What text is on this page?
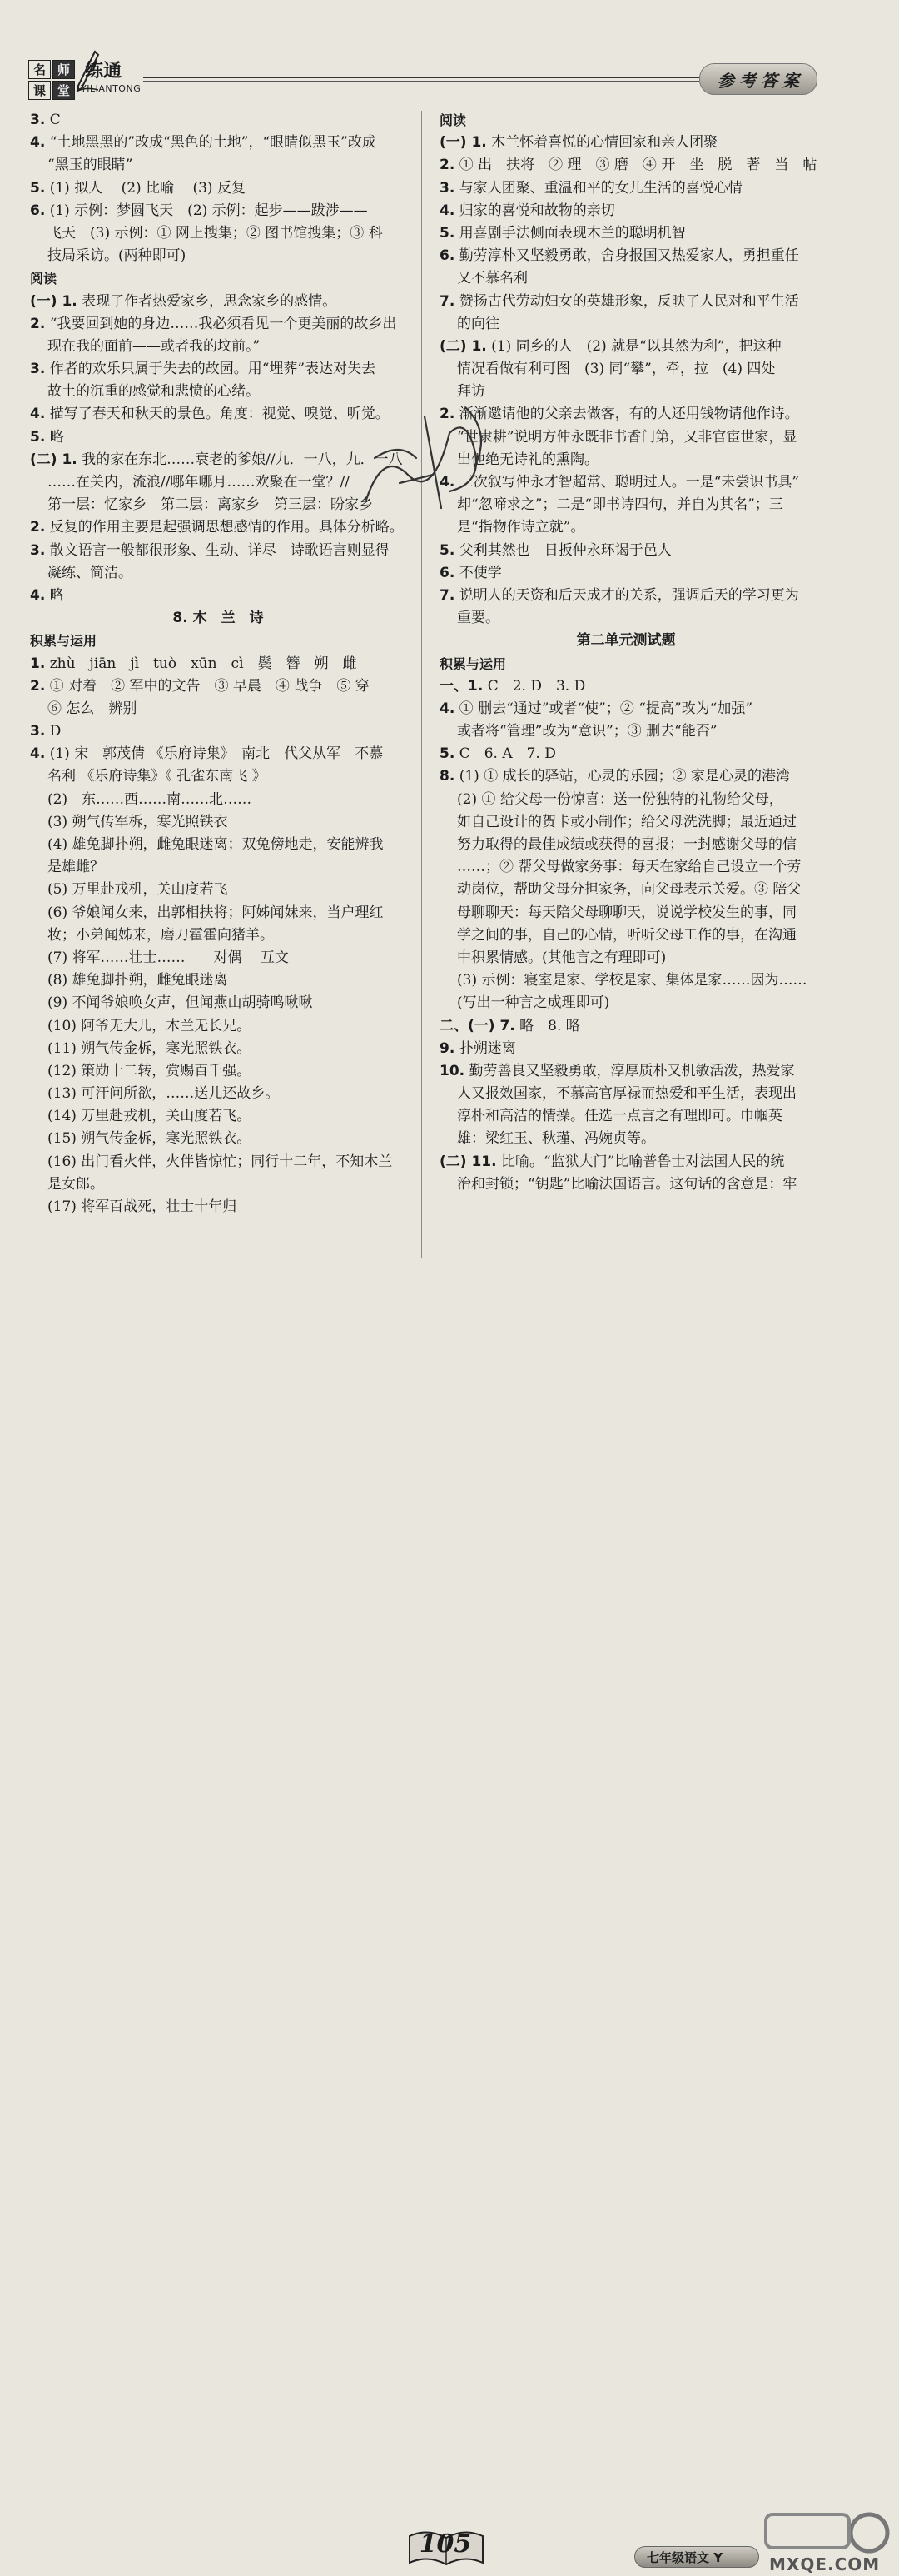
名 师
课 堂
练通
YILIANTONG	参 考 答 案
3. C
4. “土地黑黑的”改成“黑色的土地”，“眼睛似黑玉”改成
“黑玉的眼睛”
5. (1) 拟人　 (2) 比喻　 (3) 反复
6. (1) 示例：梦圆飞天　(2) 示例：起步——跋涉——
飞天　(3) 示例：① 网上搜集；② 图书馆搜集；③ 科
技局采访。(两种即可)
阅读
(一) 1. 表现了作者热爱家乡，思念家乡的感情。
2. “我要回到她的身边……我必须看见一个更美丽的故乡出
现在我的面前——或者我的坟前。”
3. 作者的欢乐只属于失去的故园。用“埋葬”表达对失去
故土的沉重的感觉和悲愤的心绪。
4. 描写了春天和秋天的景色。角度：视觉、嗅觉、听觉。
5. 略
(二) 1. 我的家在东北……衰老的爹娘//九．一八，九．一八
……在关内，流浪//哪年哪月……欢聚在一堂？//
第一层：忆家乡　第二层：离家乡　第三层：盼家乡
2. 反复的作用主要是起强调思想感情的作用。具体分析略。
3. 散文语言一般都很形象、生动、详尽　诗歌语言则显得
凝练、简洁。
4. 略
8. 木　兰　诗
积累与运用
1. zhù　jiān　jì　tuò　xūn　cì　鬓　簪　朔　雌
2. ① 对着　② 军中的文告　③ 早晨　④ 战争　⑤ 穿
⑥ 怎么　辨别
3. D
4. (1) 宋　郭茂倩 《乐府诗集》　南北　代父从军　不慕
名利 《乐府诗集》《 孔雀东南飞 》
(2)　东……西……南……北……
(3) 朔气传军柝，寒光照铁衣
(4) 雄兔脚扑朔，雌兔眼迷离；双兔傍地走，安能辨我
是雄雌？
(5) 万里赴戎机，关山度若飞
(6) 爷娘闻女来，出郭相扶将；阿姊闻妹来，当户理红
妆；小弟闻姊来，磨刀霍霍向猪羊。
(7) 将军……壮士……　　对偶　 互文
(8) 雄兔脚扑朔，雌兔眼迷离
(9) 不闻爷娘唤女声，但闻燕山胡骑鸣啾啾
(10) 阿爷无大儿，木兰无长兄。
(11) 朔气传金柝，寒光照铁衣。
(12) 策勋十二转，赏赐百千强。
(13) 可汗问所欲，……送儿还故乡。
(14) 万里赴戎机，关山度若飞。
(15) 朔气传金柝，寒光照铁衣。
(16) 出门看火伴，火伴皆惊忙；同行十二年，不知木兰
是女郎。
(17) 将军百战死，壮士十年归
阅读
(一) 1. 木兰怀着喜悦的心情回家和亲人团聚
2. ① 出　扶将　② 理　③ 磨　④ 开　坐　脱　著　当　帖
3. 与家人团聚、重温和平的女儿生活的喜悦心情
4. 归家的喜悦和故物的亲切
5. 用喜剧手法侧面表现木兰的聪明机智
6. 勤劳淳朴又坚毅勇敢，舍身报国又热爱家人，勇担重任
又不慕名利
7. 赞扬古代劳动妇女的英雄形象，反映了人民对和平生活
的向往
(二) 1. (1) 同乡的人　(2) 就是“以其然为利”，把这种
情况看做有利可图　(3) 同“攀”，牵，拉　(4) 四处
拜访
2. 渐渐邀请他的父亲去做客，有的人还用钱物请他作诗。
“世隶耕”说明方仲永既非书香门第，又非官宦世家，显
出他绝无诗礼的熏陶。
4. 三次叙写仲永才智超常、聪明过人。一是“未尝识书具”
却“忽啼求之”；二是“即书诗四句，并自为其名”；三
是“指物作诗立就”。
5. 父利其然也　日扳仲永环谒于邑人
6. 不使学
7. 说明人的天资和后天成才的关系，强调后天的学习更为
重要。
第二单元测试题
积累与运用
一、1. C　2. D　3. D
4. ① 删去“通过”或者“使”；② “提高”改为“加强”
或者将“管理”改为“意识”；③ 删去“能否”
5. C　6. A　7. D
8. (1) ① 成长的驿站，心灵的乐园；② 家是心灵的港湾
(2) ① 给父母一份惊喜：送一份独特的礼物给父母，
如自己设计的贺卡或小制作；给父母洗洗脚；最近通过
努力取得的最佳成绩或获得的喜报；一封感谢父母的信
……；② 帮父母做家务事：每天在家给自己设立一个劳
动岗位，帮助父母分担家务，向父母表示关爱。③ 陪父
母聊聊天：每天陪父母聊聊天，说说学校发生的事，同
学之间的事，自己的心情，听听父母工作的事，在沟通
中积累情感。(其他言之有理即可)
(3) 示例：寝室是家、学校是家、集体是家……因为……
(写出一种言之成理即可)
二、(一) 7. 略　8. 略
9. 扑朔迷离
10. 勤劳善良又坚毅勇敢，淳厚质朴又机敏活泼，热爱家
人又报效国家，不慕高官厚禄而热爱和平生活，表现出
淳朴和高洁的情操。任选一点言之有理即可。巾帼英
雄：梁红玉、秋瑾、冯婉贞等。
(二) 11. 比喻。“监狱大门”比喻普鲁士对法国人民的统
治和封锁；“钥匙”比喻法国语言。这句话的含意是：牢
105	七年级语文 Y	MXQE.COM
